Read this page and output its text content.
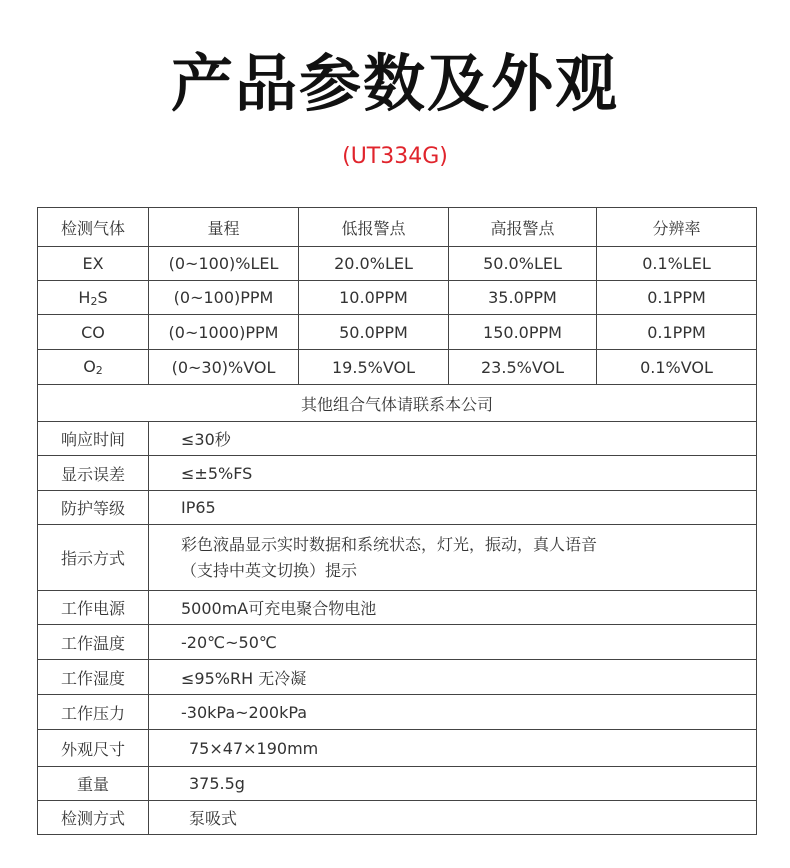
产品参数及外观
(UT334G)
检测气体	量程	低报警点	高报警点	分辨率
EX	(0~100)%LEL	20.0%LEL	50.0%LEL	0.1%LEL
$H_2S$	(0~100)PPM	10.0PPM	35.0PPM	0.1PPM
CO	(0~1000)PPM	50.0PPM	150.0PPM	0.1PPM
$O_2$	(0~30)%VOL	19.5%VOL	23.5%VOL	0.1%VOL
其他组合气体请联系本公司				
响应时间	≤30秒			
显示误差	≤±5%FS			
防护等级	IP65			
指示方式	彩色液晶显示实时数据和系统状态，灯光，振动，真人语音
（支持中英文切换）提示			

工作电源	5000mA可充电聚合物电池			
工作温度	-20℃~50℃			
工作湿度	≤95%RH 无冷凝			
工作压力	-30kPa~200kPa			
外观尺寸	75×47×190mm			
重量	375.5g			
检测方式	泵吸式			
